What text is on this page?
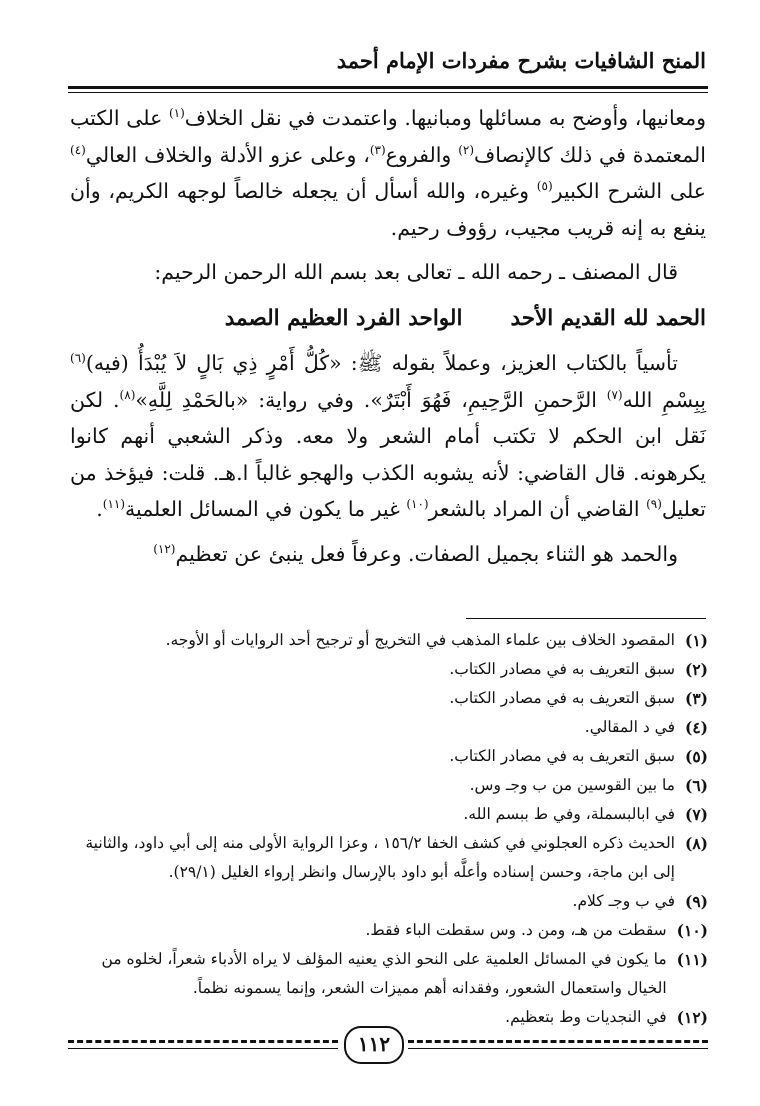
المنح الشافيات بشرح مفردات الإمام أحمد

ومعانيها، وأوضح به مسائلها ومبانيها. واعتمدت في نقل الخلاف$^{(١)}$ على الكتب المعتمدة في ذلك كالإنصاف$^{(٢)}$ والفروع$^{(٣)}$، وعلى عزو الأدلة والخلاف العالي$^{(٤)}$ على الشرح الكبير$^{(٥)}$ وغيره، والله أسأل أن يجعله خالصاً لوجهه الكريم، وأن ينفع به إنه قريب مجيب، رؤوف رحيم.

قال المصنف ـ رحمه الله ـ تعالى بعد بسم الله الرحمن الرحيم:

الحمد لله القديم الأحد
الواحد الفرد العظيم الصمد

تأسياً بالكتاب العزيز، وعملاً بقوله ﷺ: «كُلُّ أَمْرٍ ذِي بَالٍ لاَ يُبْدَأُ (فيه)$^{(٦)}$ بِبِسْمِ الله$^{(٧)}$ الرَّحمنِ الرَّحِيمِ، فَهُوَ أَبْتَرٌ». وفي رواية: «بالحَمْدِ لِلَّهِ»$^{(٨)}$. لكن نَقل ابن الحكم لا تكتب أمام الشعر ولا معه. وذكر الشعبي أنهم كانوا يكرهونه. قال القاضي: لأنه يشوبه الكذب والهجو غالباً ا.هـ. قلت: فيؤخذ من تعليل$^{(٩)}$ القاضي أن المراد بالشعر$^{(١٠)}$ غير ما يكون في المسائل العلمية$^{(١١)}$.

والحمد هو الثناء بجميل الصفات. وعرفاً فعل ينبئ عن تعظيم$^{(١٢)}$

(١)
المقصود الخلاف بين علماء المذهب في التخريج أو ترجيح أحد الروايات أو الأوجه.
(٢)
سبق التعريف به في مصادر الكتاب.
(٣)
سبق التعريف به في مصادر الكتاب.
(٤)
في د المقالي.
(٥)
سبق التعريف به في مصادر الكتاب.
(٦)
ما بين القوسين من ب وجـ وس.
(٧)
في ابالبسملة، وفي ط ببسم الله.
(٨)
الحديث ذكره العجلوني في كشف الخفا ١٥٦/٢ ، وعزا الرواية الأولى منه إلى أبي داود، والثانية إلى ابن ماجة، وحسن إسناده وأعلَّه أبو داود بالإرسال وانظر إرواء الغليل (٢٩/١).
(٩)
في ب وجـ كلام.
(١٠)
سقطت من هـ، ومن د. وس سقطت الباء فقط.
(١١)
ما يكون في المسائل العلمية على النحو الذي يعنيه المؤلف لا يراه الأدباء شعراً، لخلوه من الخيال واستعمال الشعور، وفقدانه أهم مميزات الشعر، وإنما يسمونه نظماً.
(١٢)
في النجديات وط بتعظيم.
١١٢
